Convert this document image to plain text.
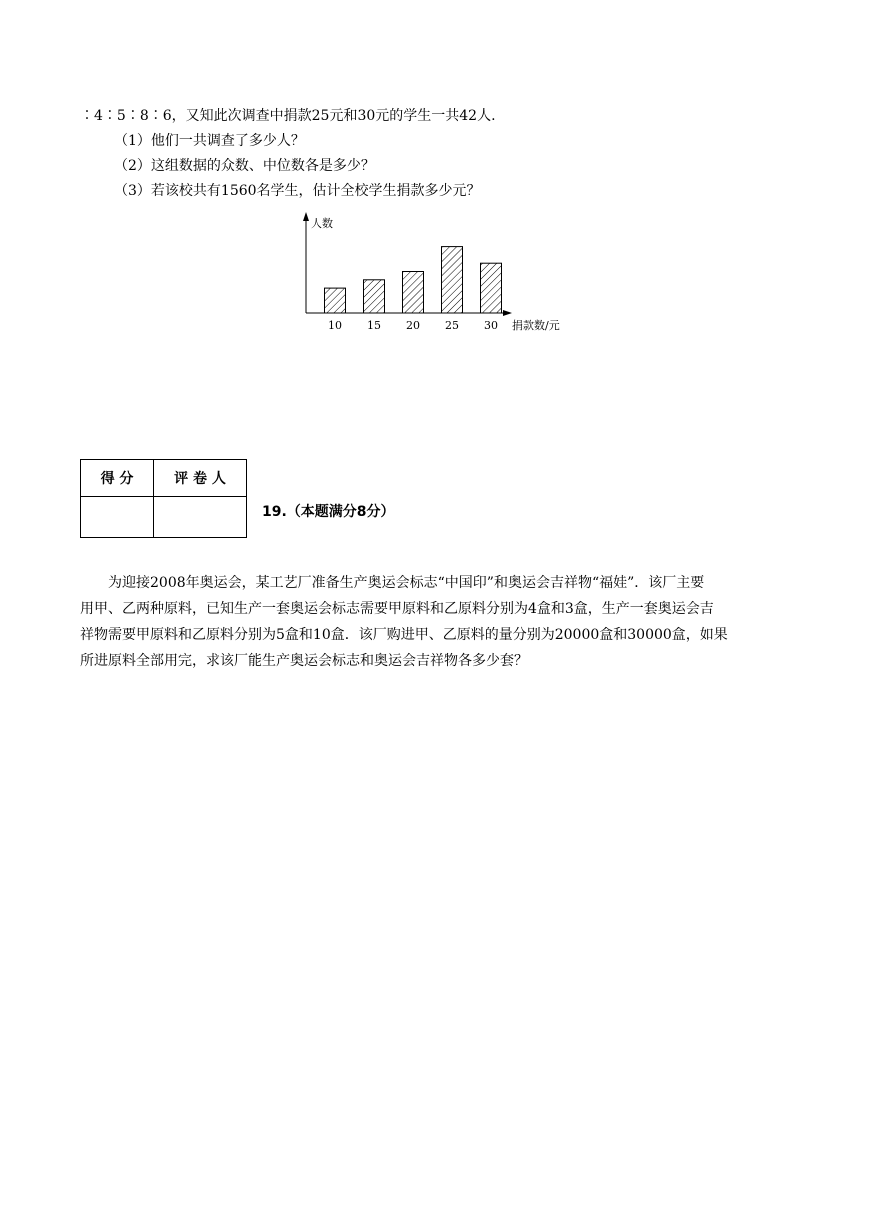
∶4∶5∶8∶6，又知此次调查中捐款25元和30元的学生一共42人.
（1）他们一共调查了多少人？
（2）这组数据的众数、中位数各是多少？
（3）若该校共有1560名学生，估计全校学生捐款多少元？
人数
捐款数/元
10 15 20 25 30
得 分	评 卷 人

19.（本题满分8分）
为迎接2008年奥运会，某工艺厂准备生产奥运会标志“中国印”和奥运会吉祥物“福娃”．该厂主要
用甲、乙两种原料，已知生产一套奥运会标志需要甲原料和乙原料分别为4盒和3盒，生产一套奥运会吉
祥物需要甲原料和乙原料分别为5盒和10盒．该厂购进甲、乙原料的量分别为20000盒和30000盒，如果
所进原料全部用完，求该厂能生产奥运会标志和奥运会吉祥物各多少套？
